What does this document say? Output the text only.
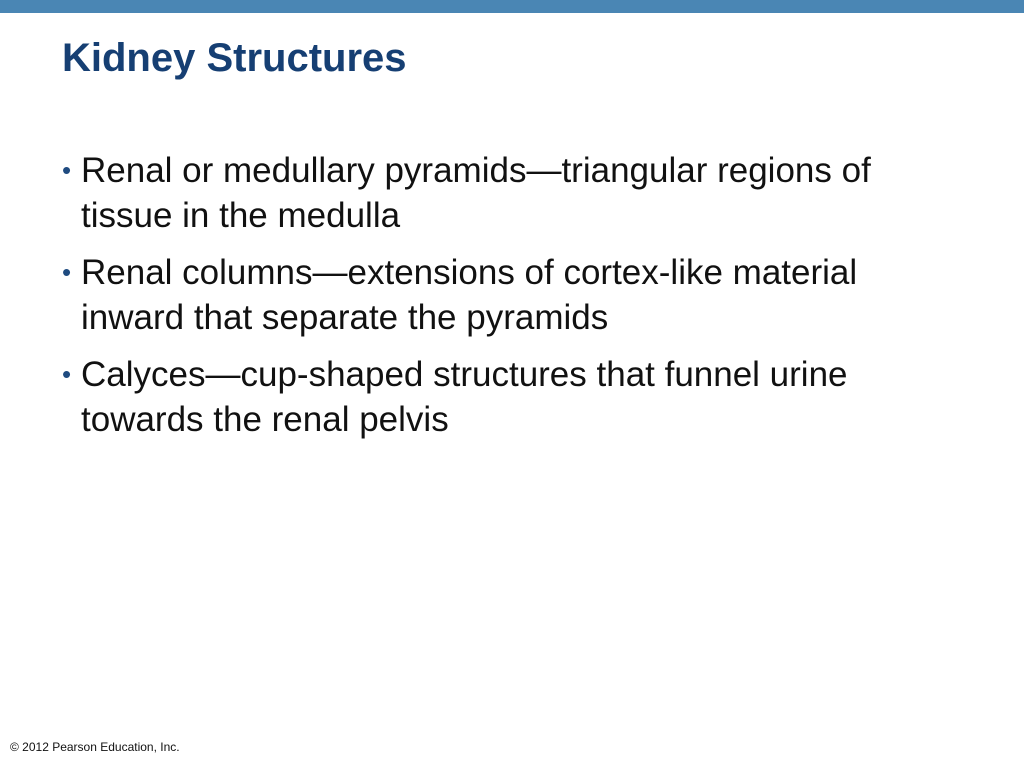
Kidney Structures
• Renal or medullary pyramids—triangular regions of tissue in the medulla
• Renal columns—extensions of cortex-like material inward that separate the pyramids
• Calyces—cup-shaped structures that funnel urine towards the renal pelvis
© 2012 Pearson Education, Inc.
